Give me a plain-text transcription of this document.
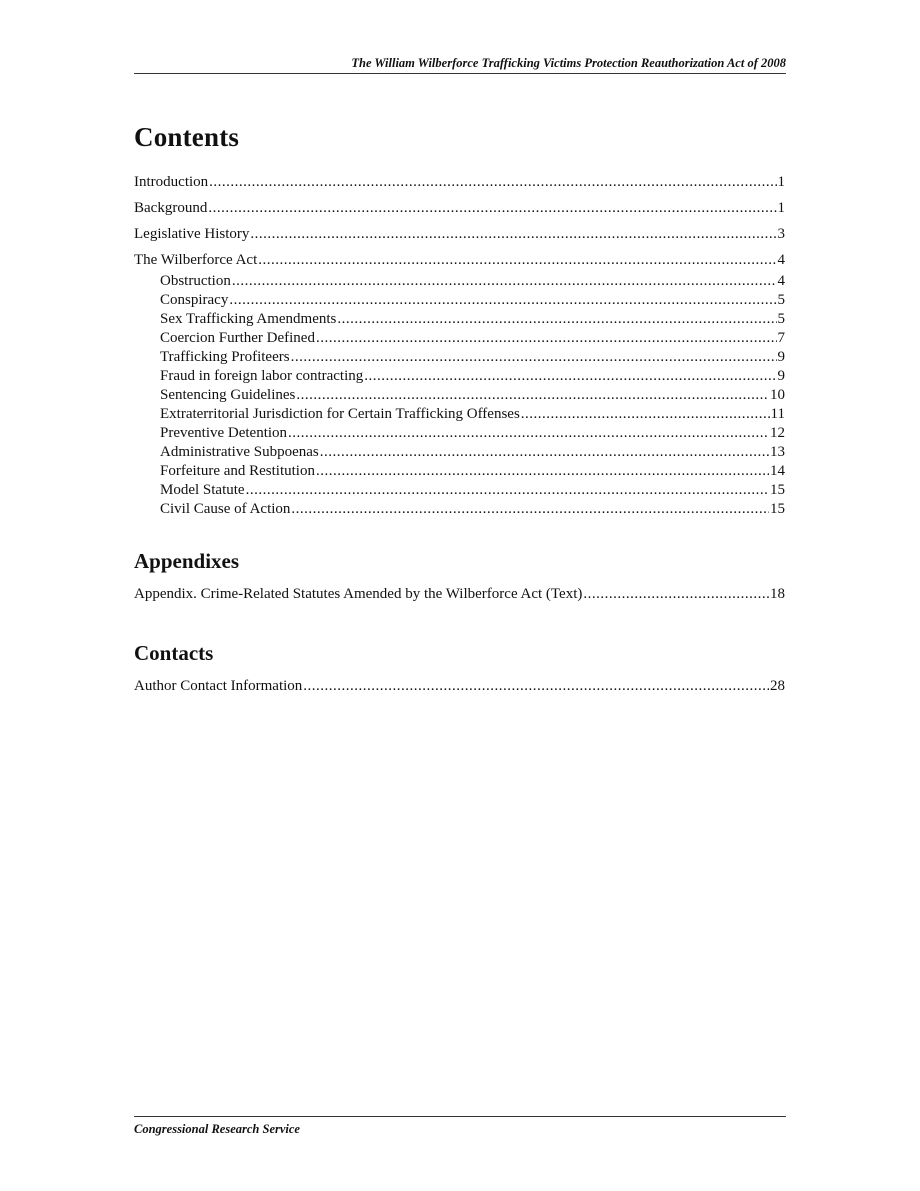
The William Wilberforce Trafficking Victims Protection Reauthorization Act of 2008
Contents
Introduction .....	1
Background .....	1
Legislative History .....	3
The Wilberforce Act .....	4
Obstruction .....	4
Conspiracy .....	5
Sex Trafficking Amendments .....	5
Coercion Further Defined .....	7
Trafficking Profiteers .....	9
Fraud in foreign labor contracting .....	9
Sentencing Guidelines .....	10
Extraterritorial Jurisdiction for Certain Trafficking Offenses .....	11
Preventive Detention .....	12
Administrative Subpoenas .....	13
Forfeiture and Restitution .....	14
Model Statute .....	15
Civil Cause of Action .....	15
Appendixes
Appendix. Crime-Related Statutes Amended by the Wilberforce Act (Text) .....	18
Contacts
Author Contact Information .....	28
Congressional Research Service
